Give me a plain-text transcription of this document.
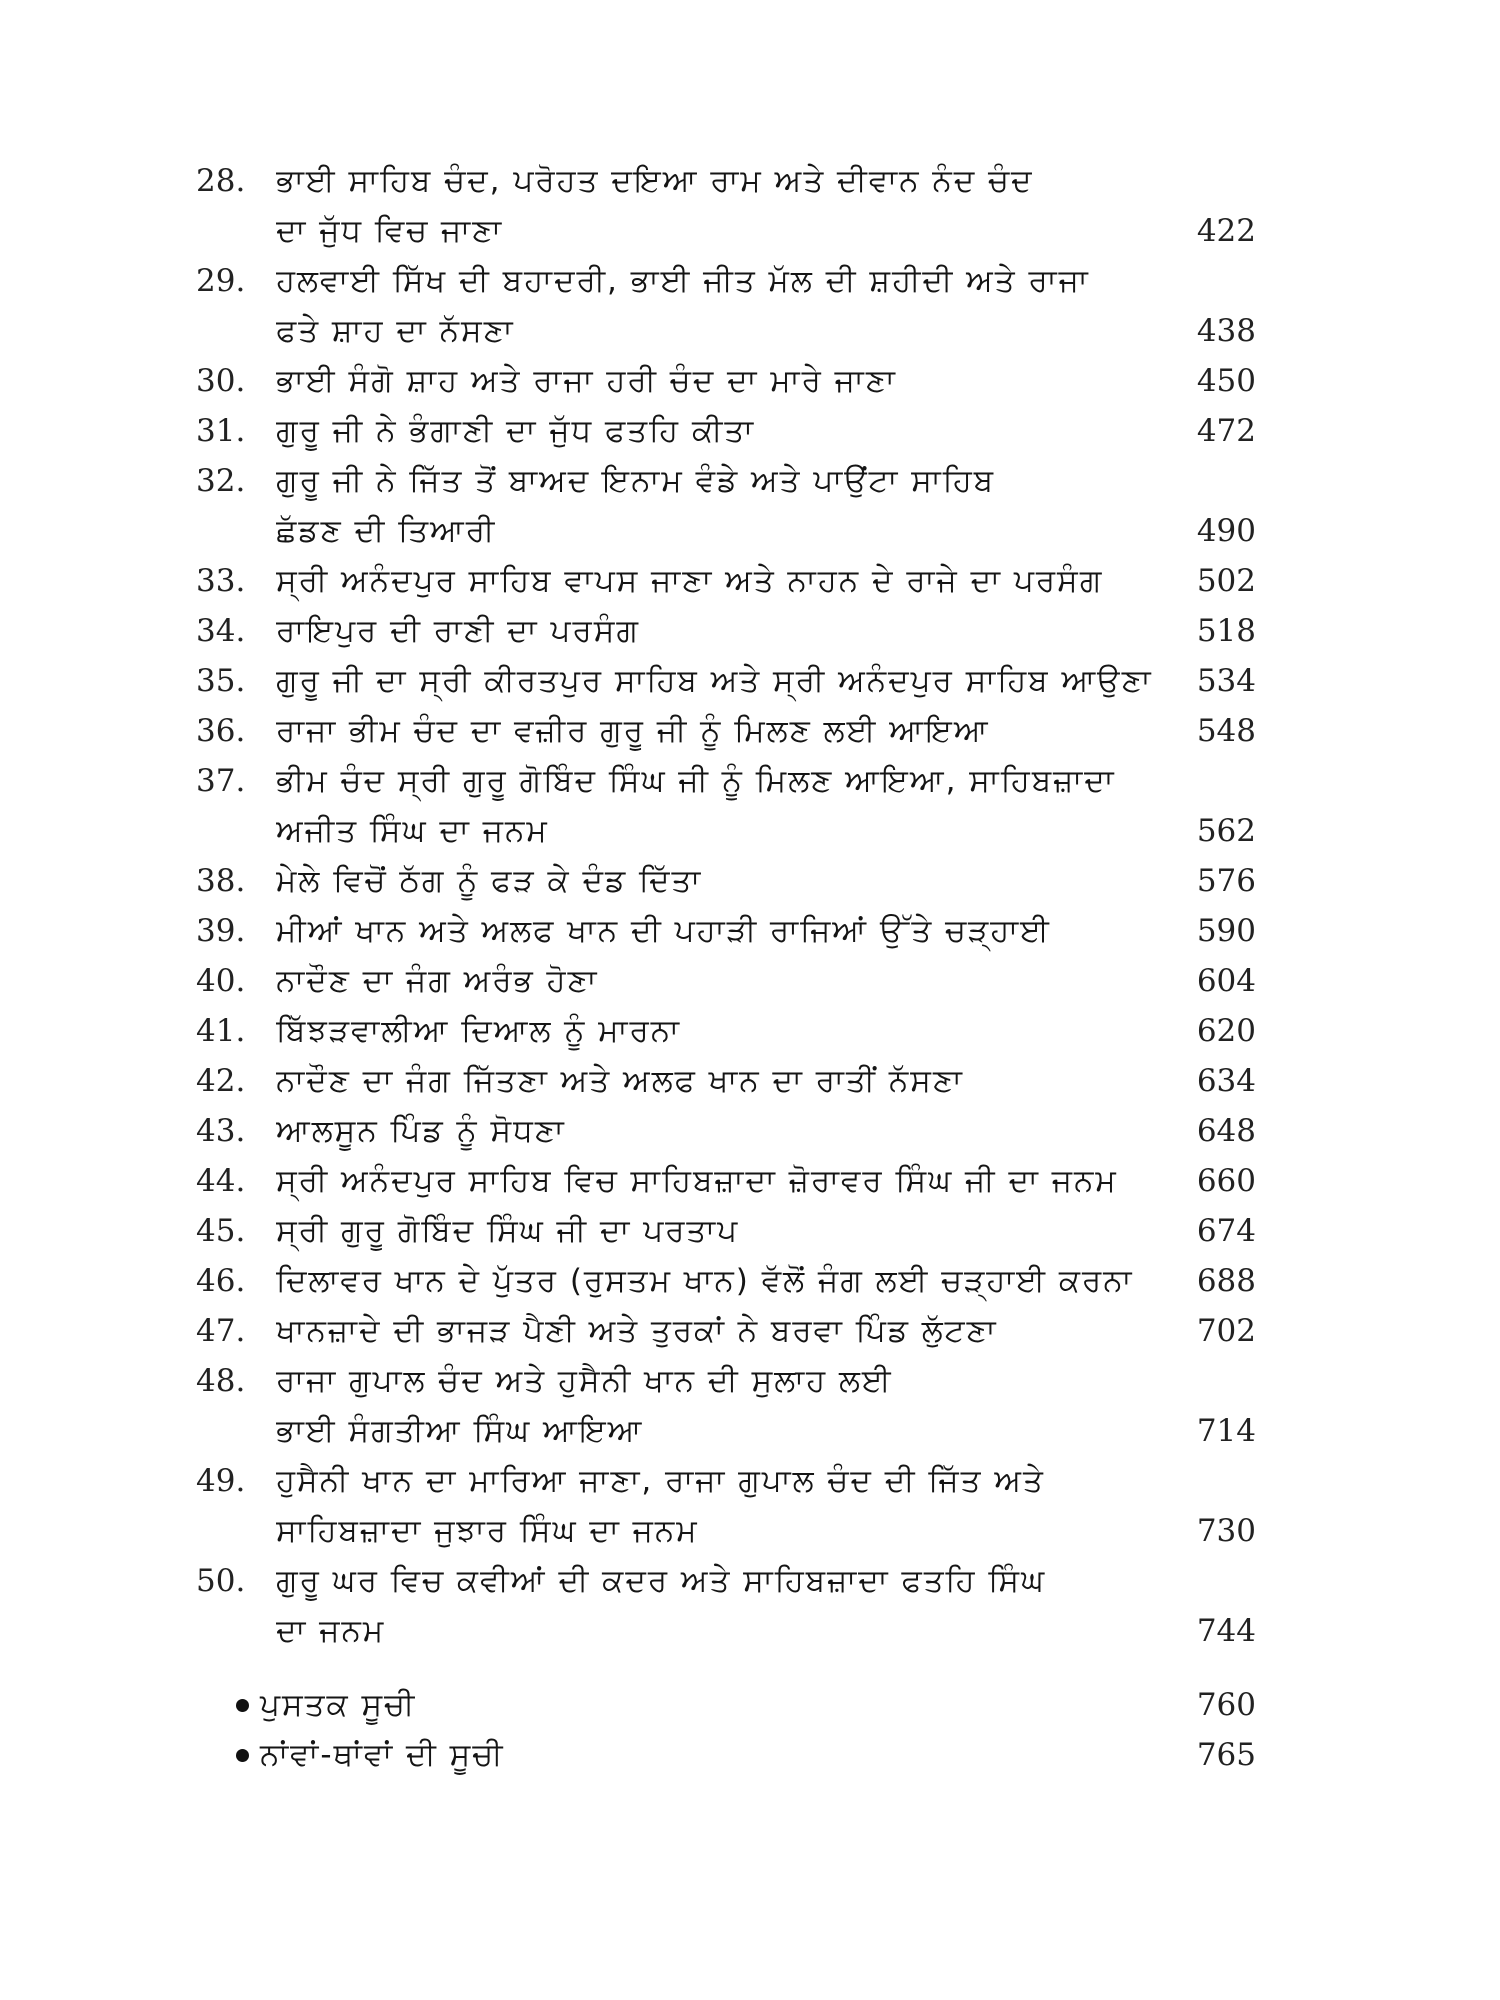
28. ਭਾਈ ਸਾਹਿਬ ਚੰਦ, ਪਰੋਹਤ ਦਇਆ ਰਾਮ ਅਤੇ ਦੀਵਾਨ ਨੰਦ ਚੰਦ
ਦਾ ਜੁੱਧ ਵਿਚ ਜਾਣਾ	422
29. ਹਲਵਾਈ ਸਿੱਖ ਦੀ ਬਹਾਦਰੀ, ਭਾਈ ਜੀਤ ਮੱਲ ਦੀ ਸ਼ਹੀਦੀ ਅਤੇ ਰਾਜਾ
ਫਤੇ ਸ਼ਾਹ ਦਾ ਨੱਸਣਾ	438
30. ਭਾਈ ਸੰਗੋ ਸ਼ਾਹ ਅਤੇ ਰਾਜਾ ਹਰੀ ਚੰਦ ਦਾ ਮਾਰੇ ਜਾਣਾ	450
31. ਗੁਰੂ ਜੀ ਨੇ ਭੰਗਾਣੀ ਦਾ ਜੁੱਧ ਫਤਹਿ ਕੀਤਾ	472
32. ਗੁਰੂ ਜੀ ਨੇ ਜਿੱਤ ਤੋਂ ਬਾਅਦ ਇਨਾਮ ਵੰਡੇ ਅਤੇ ਪਾਉਂਟਾ ਸਾਹਿਬ
ਛੱਡਣ ਦੀ ਤਿਆਰੀ	490
33. ਸ੍ਰੀ ਅਨੰਦਪੁਰ ਸਾਹਿਬ ਵਾਪਸ ਜਾਣਾ ਅਤੇ ਨਾਹਨ ਦੇ ਰਾਜੇ ਦਾ ਪਰਸੰਗ	502
34. ਰਾਇਪੁਰ ਦੀ ਰਾਣੀ ਦਾ ਪਰਸੰਗ	518
35. ਗੁਰੂ ਜੀ ਦਾ ਸ੍ਰੀ ਕੀਰਤਪੁਰ ਸਾਹਿਬ ਅਤੇ ਸ੍ਰੀ ਅਨੰਦਪੁਰ ਸਾਹਿਬ ਆਉਣਾ	534
36. ਰਾਜਾ ਭੀਮ ਚੰਦ ਦਾ ਵਜ਼ੀਰ ਗੁਰੂ ਜੀ ਨੂੰ ਮਿਲਣ ਲਈ ਆਇਆ	548
37. ਭੀਮ ਚੰਦ ਸ੍ਰੀ ਗੁਰੂ ਗੋਬਿੰਦ ਸਿੰਘ ਜੀ ਨੂੰ ਮਿਲਣ ਆਇਆ, ਸਾਹਿਬਜ਼ਾਦਾ
ਅਜੀਤ ਸਿੰਘ ਦਾ ਜਨਮ	562
38. ਮੇਲੇ ਵਿਚੋਂ ਠੱਗ ਨੂੰ ਫੜ ਕੇ ਦੰਡ ਦਿੱਤਾ	576
39. ਮੀਆਂ ਖਾਨ ਅਤੇ ਅਲਫ ਖਾਨ ਦੀ ਪਹਾੜੀ ਰਾਜਿਆਂ ਉੱਤੇ ਚੜ੍ਹਾਈ	590
40. ਨਾਦੌਣ ਦਾ ਜੰਗ ਅਰੰਭ ਹੋਣਾ	604
41. ਬਿੱਝੜਵਾਲੀਆ ਦਿਆਲ ਨੂੰ ਮਾਰਨਾ	620
42. ਨਾਦੌਣ ਦਾ ਜੰਗ ਜਿੱਤਣਾ ਅਤੇ ਅਲਫ ਖਾਨ ਦਾ ਰਾਤੀਂ ਨੱਸਣਾ	634
43. ਆਲਸੂਨ ਪਿੰਡ ਨੂੰ ਸੋਧਣਾ	648
44. ਸ੍ਰੀ ਅਨੰਦਪੁਰ ਸਾਹਿਬ ਵਿਚ ਸਾਹਿਬਜ਼ਾਦਾ ਜ਼ੋਰਾਵਰ ਸਿੰਘ ਜੀ ਦਾ ਜਨਮ	660
45. ਸ੍ਰੀ ਗੁਰੂ ਗੋਬਿੰਦ ਸਿੰਘ ਜੀ ਦਾ ਪਰਤਾਪ	674
46. ਦਿਲਾਵਰ ਖਾਨ ਦੇ ਪੁੱਤਰ (ਰੁਸਤਮ ਖਾਨ) ਵੱਲੋਂ ਜੰਗ ਲਈ ਚੜ੍ਹਾਈ ਕਰਨਾ	688
47. ਖਾਨਜ਼ਾਦੇ ਦੀ ਭਾਜੜ ਪੈਣੀ ਅਤੇ ਤੁਰਕਾਂ ਨੇ ਬਰਵਾ ਪਿੰਡ ਲੁੱਟਣਾ	702
48. ਰਾਜਾ ਗੁਪਾਲ ਚੰਦ ਅਤੇ ਹੁਸੈਨੀ ਖਾਨ ਦੀ ਸੁਲਾਹ ਲਈ
ਭਾਈ ਸੰਗਤੀਆ ਸਿੰਘ ਆਇਆ	714
49. ਹੁਸੈਨੀ ਖਾਨ ਦਾ ਮਾਰਿਆ ਜਾਣਾ, ਰਾਜਾ ਗੁਪਾਲ ਚੰਦ ਦੀ ਜਿੱਤ ਅਤੇ
ਸਾਹਿਬਜ਼ਾਦਾ ਜੁਝਾਰ ਸਿੰਘ ਦਾ ਜਨਮ	730
50. ਗੁਰੂ ਘਰ ਵਿਚ ਕਵੀਆਂ ਦੀ ਕਦਰ ਅਤੇ ਸਾਹਿਬਜ਼ਾਦਾ ਫਤਹਿ ਸਿੰਘ
ਦਾ ਜਨਮ	744
ਪੁਸਤਕ ਸੂਚੀ	760
ਨਾਂਵਾਂ-ਥਾਂਵਾਂ ਦੀ ਸੂਚੀ	765
